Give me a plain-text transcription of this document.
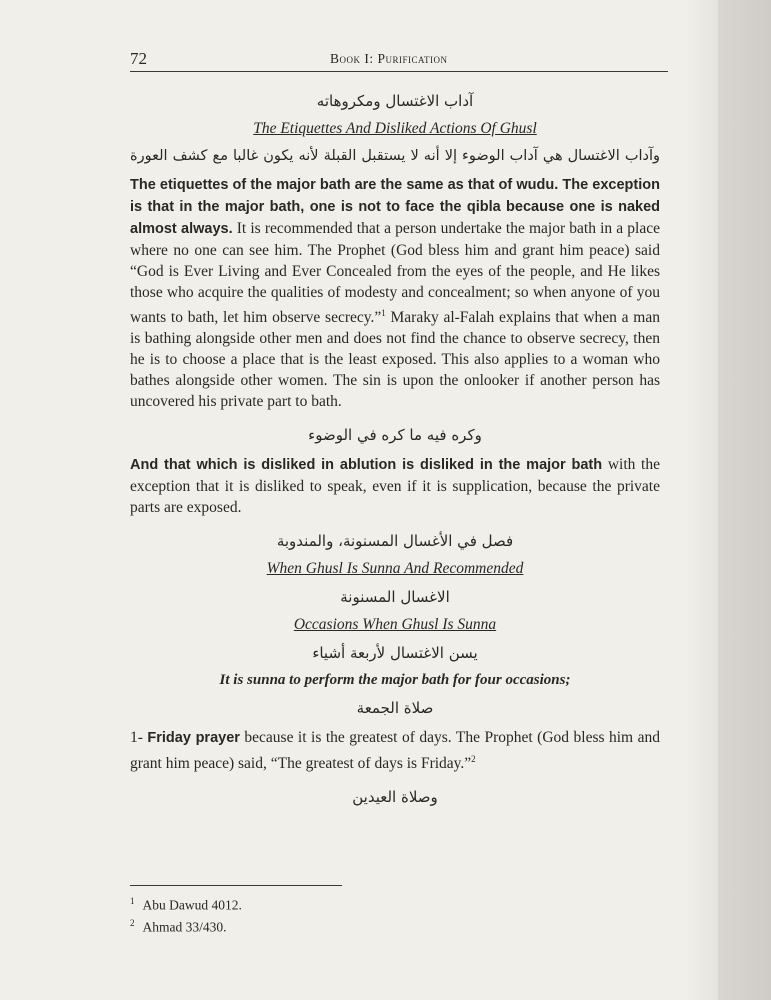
72	Book I: Purification
آداب الاغتسال ومكروهاته
The Etiquettes And Disliked Actions Of Ghusl
وآداب الاغتسال هي آداب الوضوء إلا أنه لا يستقبل القبلة لأنه يكون غالبا مع كشف العورة

The etiquettes of the major bath are the same as that of wudu. The exception is that in the major bath, one is not to face the qibla because one is naked almost always. It is recommended that a person undertake the major bath in a place where no one can see him. The Prophet (God bless him and grant him peace) said “God is Ever Living and Ever Concealed from the eyes of the people, and He likes those who acquire the qualities of modesty and concealment; so when anyone of you wants to bath, let him observe secrecy.”$^1$ Maraky al-Falah explains that when a man is bathing alongside other men and does not find the chance to observe secrecy, then he is to choose a place that is the least exposed. This also applies to a woman who bathes alongside other women. The sin is upon the onlooker if another person has uncovered his private part to bath.

وكره فيه ما كره في الوضوء

And that which is disliked in ablution is disliked in the major bath with the exception that it is disliked to speak, even if it is supplication, because the private parts are exposed.

فصل في الأغسال المسنونة، والمندوبة
When Ghusl Is Sunna And Recommended
الاغسال المسنونة
Occasions When Ghusl Is Sunna
يسن الاغتسال لأربعة أشياء
It is sunna to perform the major bath for four occasions;
صلاة الجمعة

1- Friday prayer because it is the greatest of days. The Prophet (God bless him and grant him peace) said, “The greatest of days is Friday.”$^2$

وصلاة العيدين
$^1$ Abu Dawud 4012.
$^2$ Ahmad 33/430.
